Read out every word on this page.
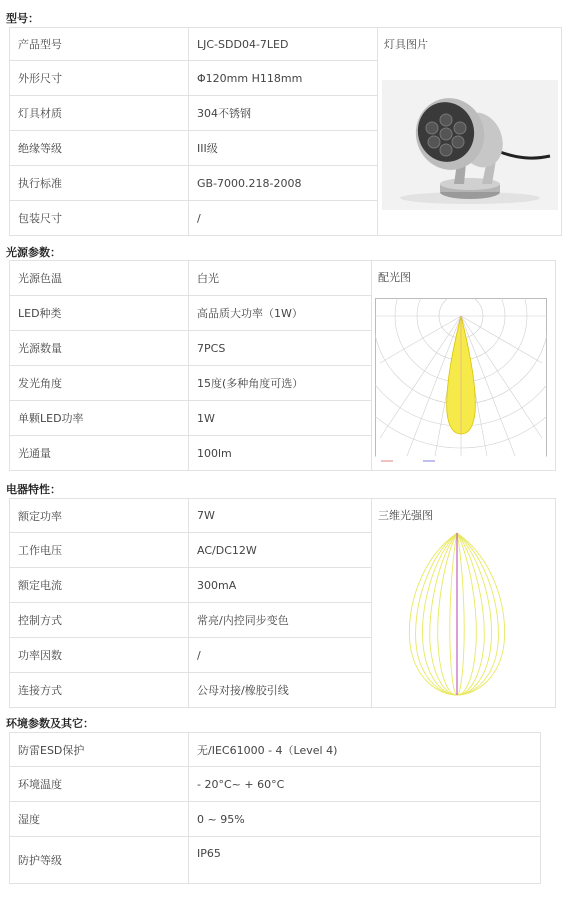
型号：
产品型号	LJC-SDD04-7LED	灯具图片

外形尺寸	Φ120mm H118mm	
灯具材质	304不锈钢	
绝缘等级	III级	
执行标准	GB-7000.218-2008	
包装尺寸	/	
光源参数：
光源色温	白光	配光图

LED种类	高品质大功率（1W）	
光源数量	7PCS	
发光角度	15度(多种角度可选）	
单颗LED功率	1W	
光通量	100lm	
电器特性：
额定功率	7W	三维光强图

工作电压	AC/DC12W	
额定电流	300mA	
控制方式	常亮/内控同步变色	
功率因数	/	
连接方式	公母对接/橡胶引线	
环境参数及其它：
防雷ESD保护	无/IEC61000 - 4（Level 4)
环境温度	- 20°C~ + 60°C
湿度	0 ~ 95%
防护等级	IP65
